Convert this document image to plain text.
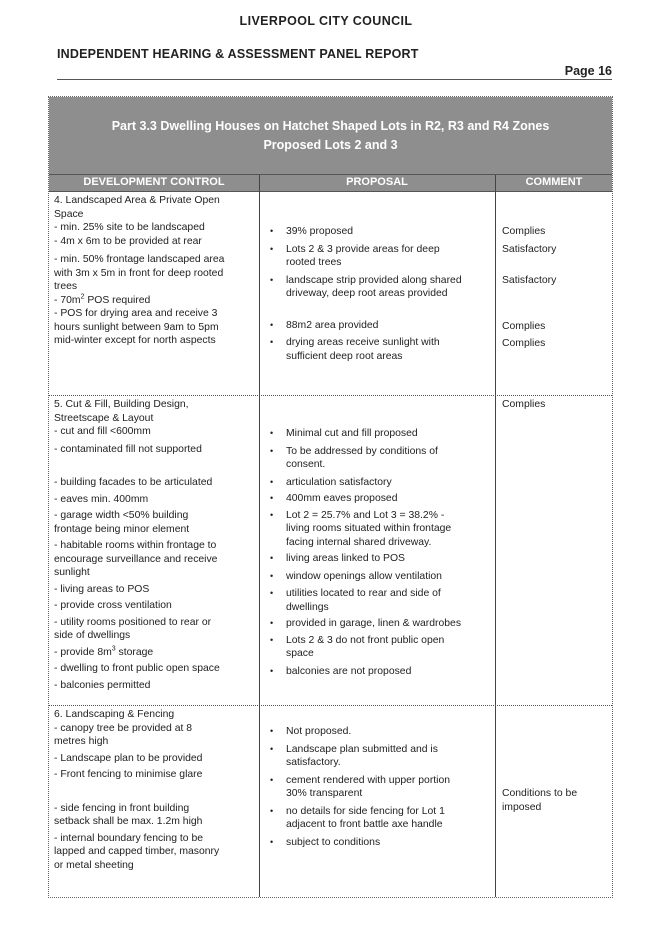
LIVERPOOL CITY COUNCIL
INDEPENDENT HEARING & ASSESSMENT PANEL REPORT
Page 16
Part 3.3 Dwelling Houses on Hatchet Shaped Lots in R2, R3 and R4 Zones
Proposed Lots 2 and 3
DEVELOPMENT CONTROL	PROPOSAL	COMMENT
4. Landscaped Area & Private Open
Space
- min. 25% site to be landscaped
- 4m x 6m to be provided at rear
- min. 50% frontage landscaped area
with 3m x 5m in front for deep rooted
trees
- $70m^2$ POS required
- POS for drying area and receive 3
hours sunlight between 9am to 5pm
mid-winter except for north aspects
• 39% proposed
• Lots 2 & 3 provide areas for deep
rooted trees
• landscape strip provided along shared
driveway, deep root areas provided
• 88m2 area provided
• drying areas receive sunlight with
sufficient deep root areas
Complies
Satisfactory
Satisfactory
Complies
Complies
5. Cut & Fill, Building Design,
Streetscape & Layout
- cut and fill <600mm
- contaminated fill not supported
- building facades to be articulated
- eaves min. 400mm
- garage width <50% building
frontage being minor element
- habitable rooms within frontage to
encourage surveillance and receive
sunlight
- living areas to POS
- provide cross ventilation
- utility rooms positioned to rear or
side of dwellings
- provide $8m^3$ storage
- dwelling to front public open space
- balconies permitted
• Minimal cut and fill proposed
• To be addressed by conditions of
consent.
• articulation satisfactory
• 400mm eaves proposed
• Lot 2 = 25.7% and Lot 3 = 38.2% -
living rooms situated within frontage
facing internal shared driveway.
• living areas linked to POS
• window openings allow ventilation
• utilities located to rear and side of
dwellings
• provided in garage, linen & wardrobes
• Lots 2 & 3 do not front public open
space
• balconies are not proposed
Complies
6. Landscaping & Fencing
- canopy tree be provided at 8
metres high
- Landscape plan to be provided
- Front fencing to minimise glare
- side fencing in front building
setback shall be max. 1.2m high
- internal boundary fencing to be
lapped and capped timber, masonry
or metal sheeting
• Not proposed.
• Landscape plan submitted and is
satisfactory.
• cement rendered with upper portion
30% transparent
• no details for side fencing for Lot 1
adjacent to front battle axe handle
• subject to conditions
Conditions to be
imposed
